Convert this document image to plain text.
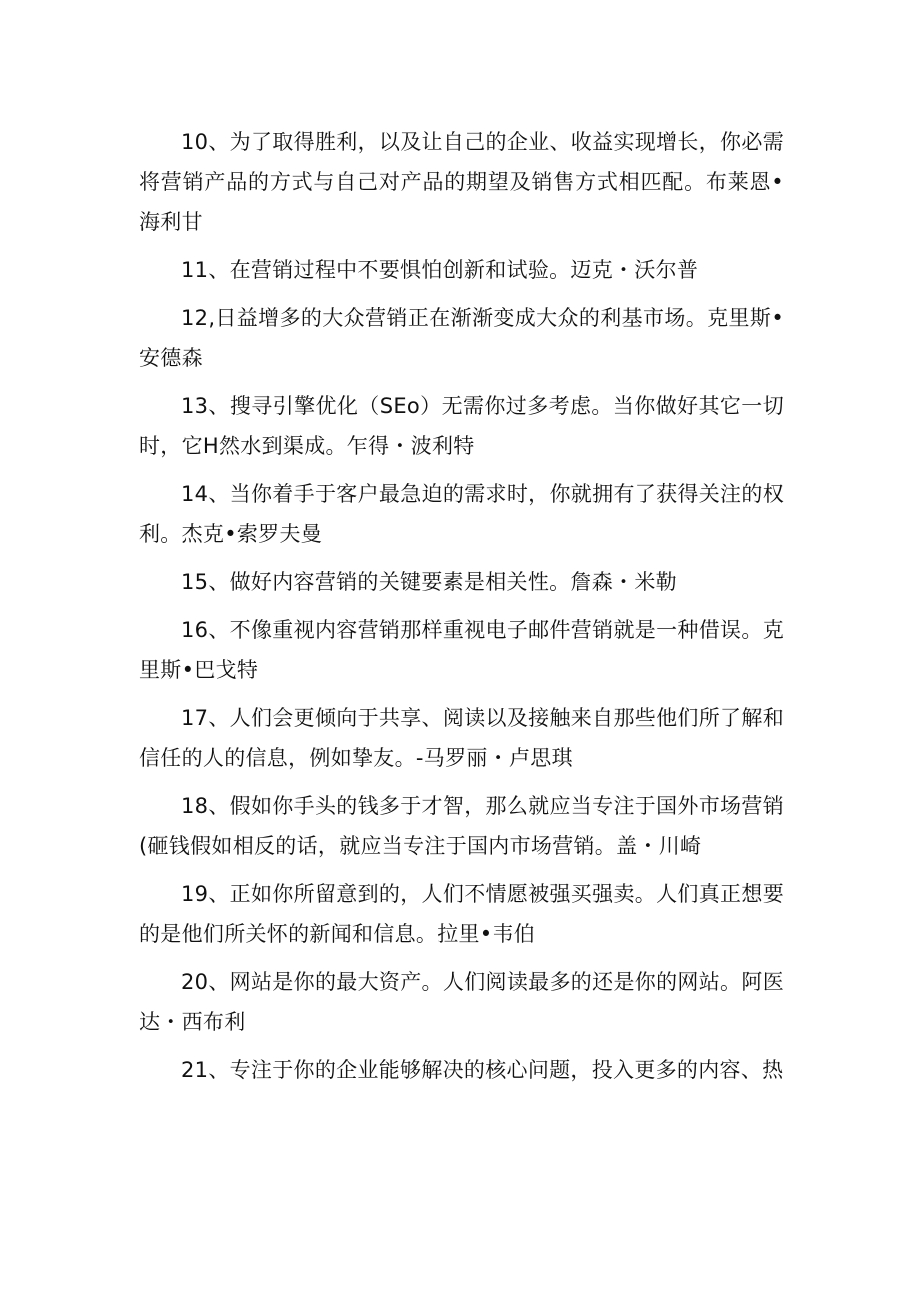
10、为了取得胜利，以及让自己的企业、收益实现增长，你必需将营销产品的方式与自己对产品的期望及销售方式相匹配。布莱恩•海利甘

11、在营销过程中不要惧怕创新和试验。迈克・沃尔普

12,日益增多的大众营销正在渐渐变成大众的利基市场。克里斯•安德森

13、搜寻引擎优化（SEo）无需你过多考虑。当你做好其它一切时，它H然水到渠成。乍得・波利特

14、当你着手于客户最急迫的需求时，你就拥有了获得关注的权利。杰克•索罗夫曼

15、做好内容营销的关键要素是相关性。詹森・米勒

16、不像重视内容营销那样重视电子邮件营销就是一种借误。克里斯•巴戈特

17、人们会更倾向于共享、阅读以及接触来自那些他们所了解和信任的人的信息，例如挚友。-马罗丽・卢思琪

18、假如你手头的钱多于才智，那么就应当专注于国外市场营销(砸钱假如相反的话，就应当专注于国内市场营销。盖・川崎

19、正如你所留意到的，人们不情愿被强买强卖。人们真正想要的是他们所关怀的新闻和信息。拉里•韦伯

20、网站是你的最大资产。人们阅读最多的还是你的网站。阿医达・西布利

21、专注于你的企业能够解决的核心问题，投入更多的内容、热
